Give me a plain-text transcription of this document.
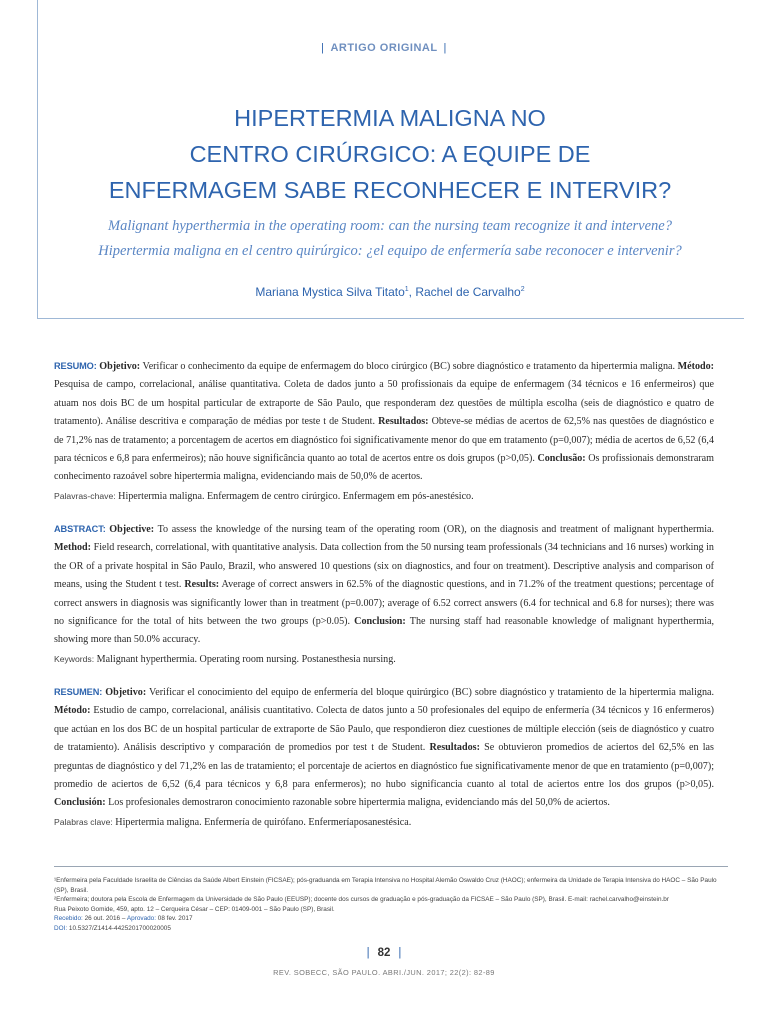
| ARTIGO ORIGINAL |
HIPERTERMIA MALIGNA NO
CENTRO CIRÚRGICO: A EQUIPE DE
ENFERMAGEM SABE RECONHECER E INTERVIR?
Malignant hyperthermia in the operating room: can the nursing team recognize it and intervene?
Hipertermia maligna en el centro quirúrgico: ¿el equipo de enfermería sabe reconocer e intervenir?
Mariana Mystica Silva Titato$^1$, Rachel de Carvalho$^2$
RESUMO: Objetivo: Verificar o conhecimento da equipe de enfermagem do bloco cirúrgico (BC) sobre diagnóstico e tratamento da hipertermia maligna. Método: Pesquisa de campo, correlacional, análise quantitativa. Coleta de dados junto a 50 profissionais da equipe de enfermagem (34 técnicos e 16 enfermeiros) que atuam nos dois BC de um hospital particular de extraporte de São Paulo, que responderam dez questões de múltipla escolha (seis de diagnóstico e quatro de tratamento). Análise descritiva e comparação de médias por teste t de Student. Resultados: Obteve-se médias de acertos de 62,5% nas questões de diagnóstico e de 71,2% nas de tratamento; a porcentagem de acertos em diagnóstico foi significativamente menor do que em tratamento (p=0,007); média de acertos de 6,52 (6,4 para técnicos e 6,8 para enfermeiros); não houve significância quanto ao total de acertos entre os dois grupos (p>0,05). Conclusão: Os profissionais demonstraram conhecimento razoável sobre hipertermia maligna, evidenciando mais de 50,0% de acertos.
Palavras-chave: Hipertermia maligna. Enfermagem de centro cirúrgico. Enfermagem em pós-anestésico.
ABSTRACT: Objective: To assess the knowledge of the nursing team of the operating room (OR), on the diagnosis and treatment of malignant hyperthermia. Method: Field research, correlational, with quantitative analysis. Data collection from the 50 nursing team professionals (34 technicians and 16 nurses) working in the OR of a private hospital in São Paulo, Brazil, who answered 10 questions (six on diagnostics, and four on treatment). Descriptive analysis and comparison of means, using the Student t test. Results: Average of correct answers in 62.5% of the diagnostic questions, and in 71.2% of the treatment questions; percentage of correct answers in diagnosis was significantly lower than in treatment (p=0.007); average of 6.52 correct answers (6.4 for technical and 6.8 for nurses); there was no significance for the total of hits between the two groups (p>0.05). Conclusion: The nursing staff had reasonable knowledge of malignant hyperthermia, showing more than 50.0% accuracy.
Keywords: Malignant hyperthermia. Operating room nursing. Postanesthesia nursing.
RESUMEN: Objetivo: Verificar el conocimiento del equipo de enfermería del bloque quirúrgico (BC) sobre diagnóstico y tratamiento de la hipertermia maligna. Método: Estudio de campo, correlacional, análisis cuantitativo. Colecta de datos junto a 50 profesionales del equipo de enfermería (34 técnicos y 16 enfermeros) que actúan en los dos BC de un hospital particular de extraporte de São Paulo, que respondieron diez cuestiones de múltiple elección (seis de diagnóstico y cuatro de tratamiento). Análisis descriptivo y comparación de promedios por test t de Student. Resultados: Se obtuvieron promedios de aciertos del 62,5% en las preguntas de diagnóstico y del 71,2% en las de tratamiento; el porcentaje de aciertos en diagnóstico fue significativamente menor de que en tratamiento (p=0,007); promedio de aciertos de 6,52 (6,4 para técnicos y 6,8 para enfermeros); no hubo significancia cuanto al total de aciertos entre los dos grupos (p>0,05). Conclusión: Los profesionales demostraron conocimiento razonable sobre hipertermia maligna, evidenciando más del 50,0% de aciertos.
Palabras clave: Hipertermia maligna. Enfermería de quirófano. Enfermeríaposanestésica.
¹Enfermeira pela Faculdade Israelita de Ciências da Saúde Albert Einstein (FICSAE); pós-graduanda em Terapia Intensiva no Hospital Alemão Oswaldo Cruz (HAOC); enfermeira da Unidade de Terapia Intensiva do HAOC – São Paulo (SP), Brasil.
²Enfermeira; doutora pela Escola de Enfermagem da Universidade de São Paulo (EEUSP); docente dos cursos de graduação e pós-graduação da FICSAE – São Paulo (SP), Brasil. E-mail: rachel.carvalho@einstein.br
Rua Peixoto Gomide, 459, apto. 12 – Cerqueira César – CEP: 01409-001 – São Paulo (SP), Brasil.
Recebido: 26 out. 2016 – Aprovado: 08 fev. 2017
DOI: 10.5327/Z1414-4425201700020005
| 82 |
REV. SOBECC, SÃO PAULO. ABRI./JUN. 2017; 22(2): 82-89
